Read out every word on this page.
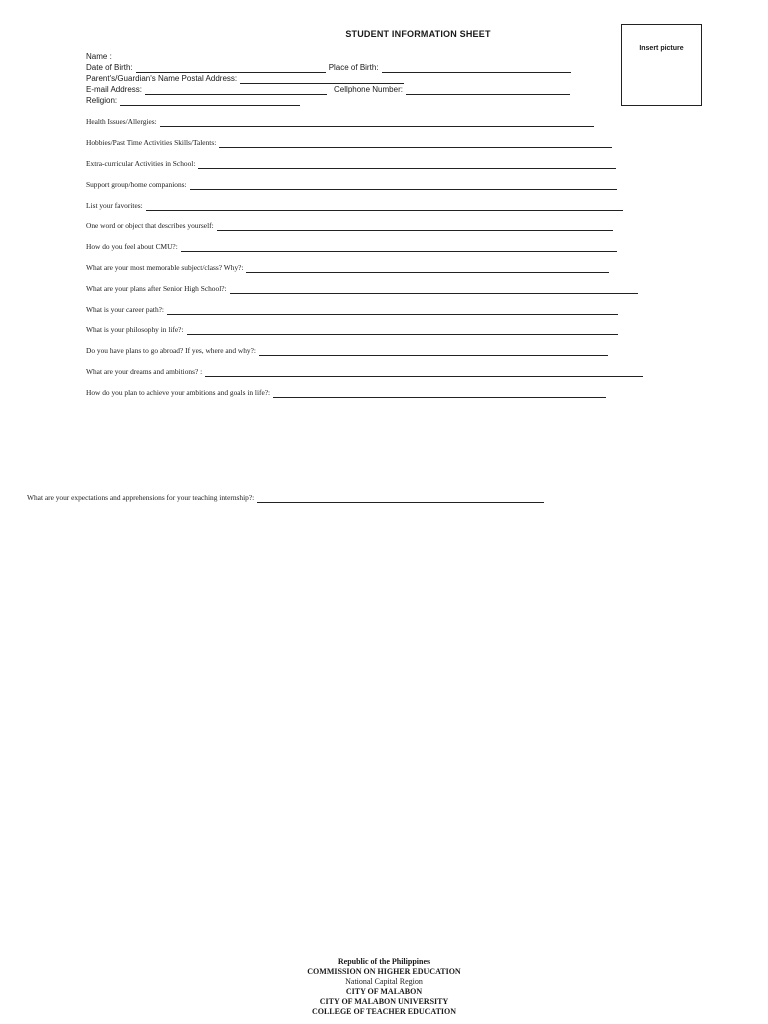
STUDENT INFORMATION SHEET
Insert picture
Name :
Date of Birth:	Place of Birth:
Parent's/Guardian's Name Postal Address:
E-mail Address:	Cellphone Number:
Religion:
Health Issues/Allergies:
Hobbies/Past Time Activities Skills/Talents:
Extra-curricular Activities in School:
Support group/home companions:
List your favorites:
One word or object that describes yourself:
How do you feel about CMU?:
What are your most memorable subject/class? Why?:
What are your plans after Senior High School?:
What is your career path?:
What is your philosophy in life?:
Do you have plans to go abroad? If yes, where and why?:
What are your dreams and ambitions? :
How do you plan to achieve your ambitions and goals in life?:
What are your expectations and apprehensions for your teaching internship?:
Republic of the Philippines
COMMISSION ON HIGHER EDUCATION
National Capital Region
CITY OF MALABON
CITY OF MALABON UNIVERSITY
COLLEGE OF TEACHER EDUCATION
